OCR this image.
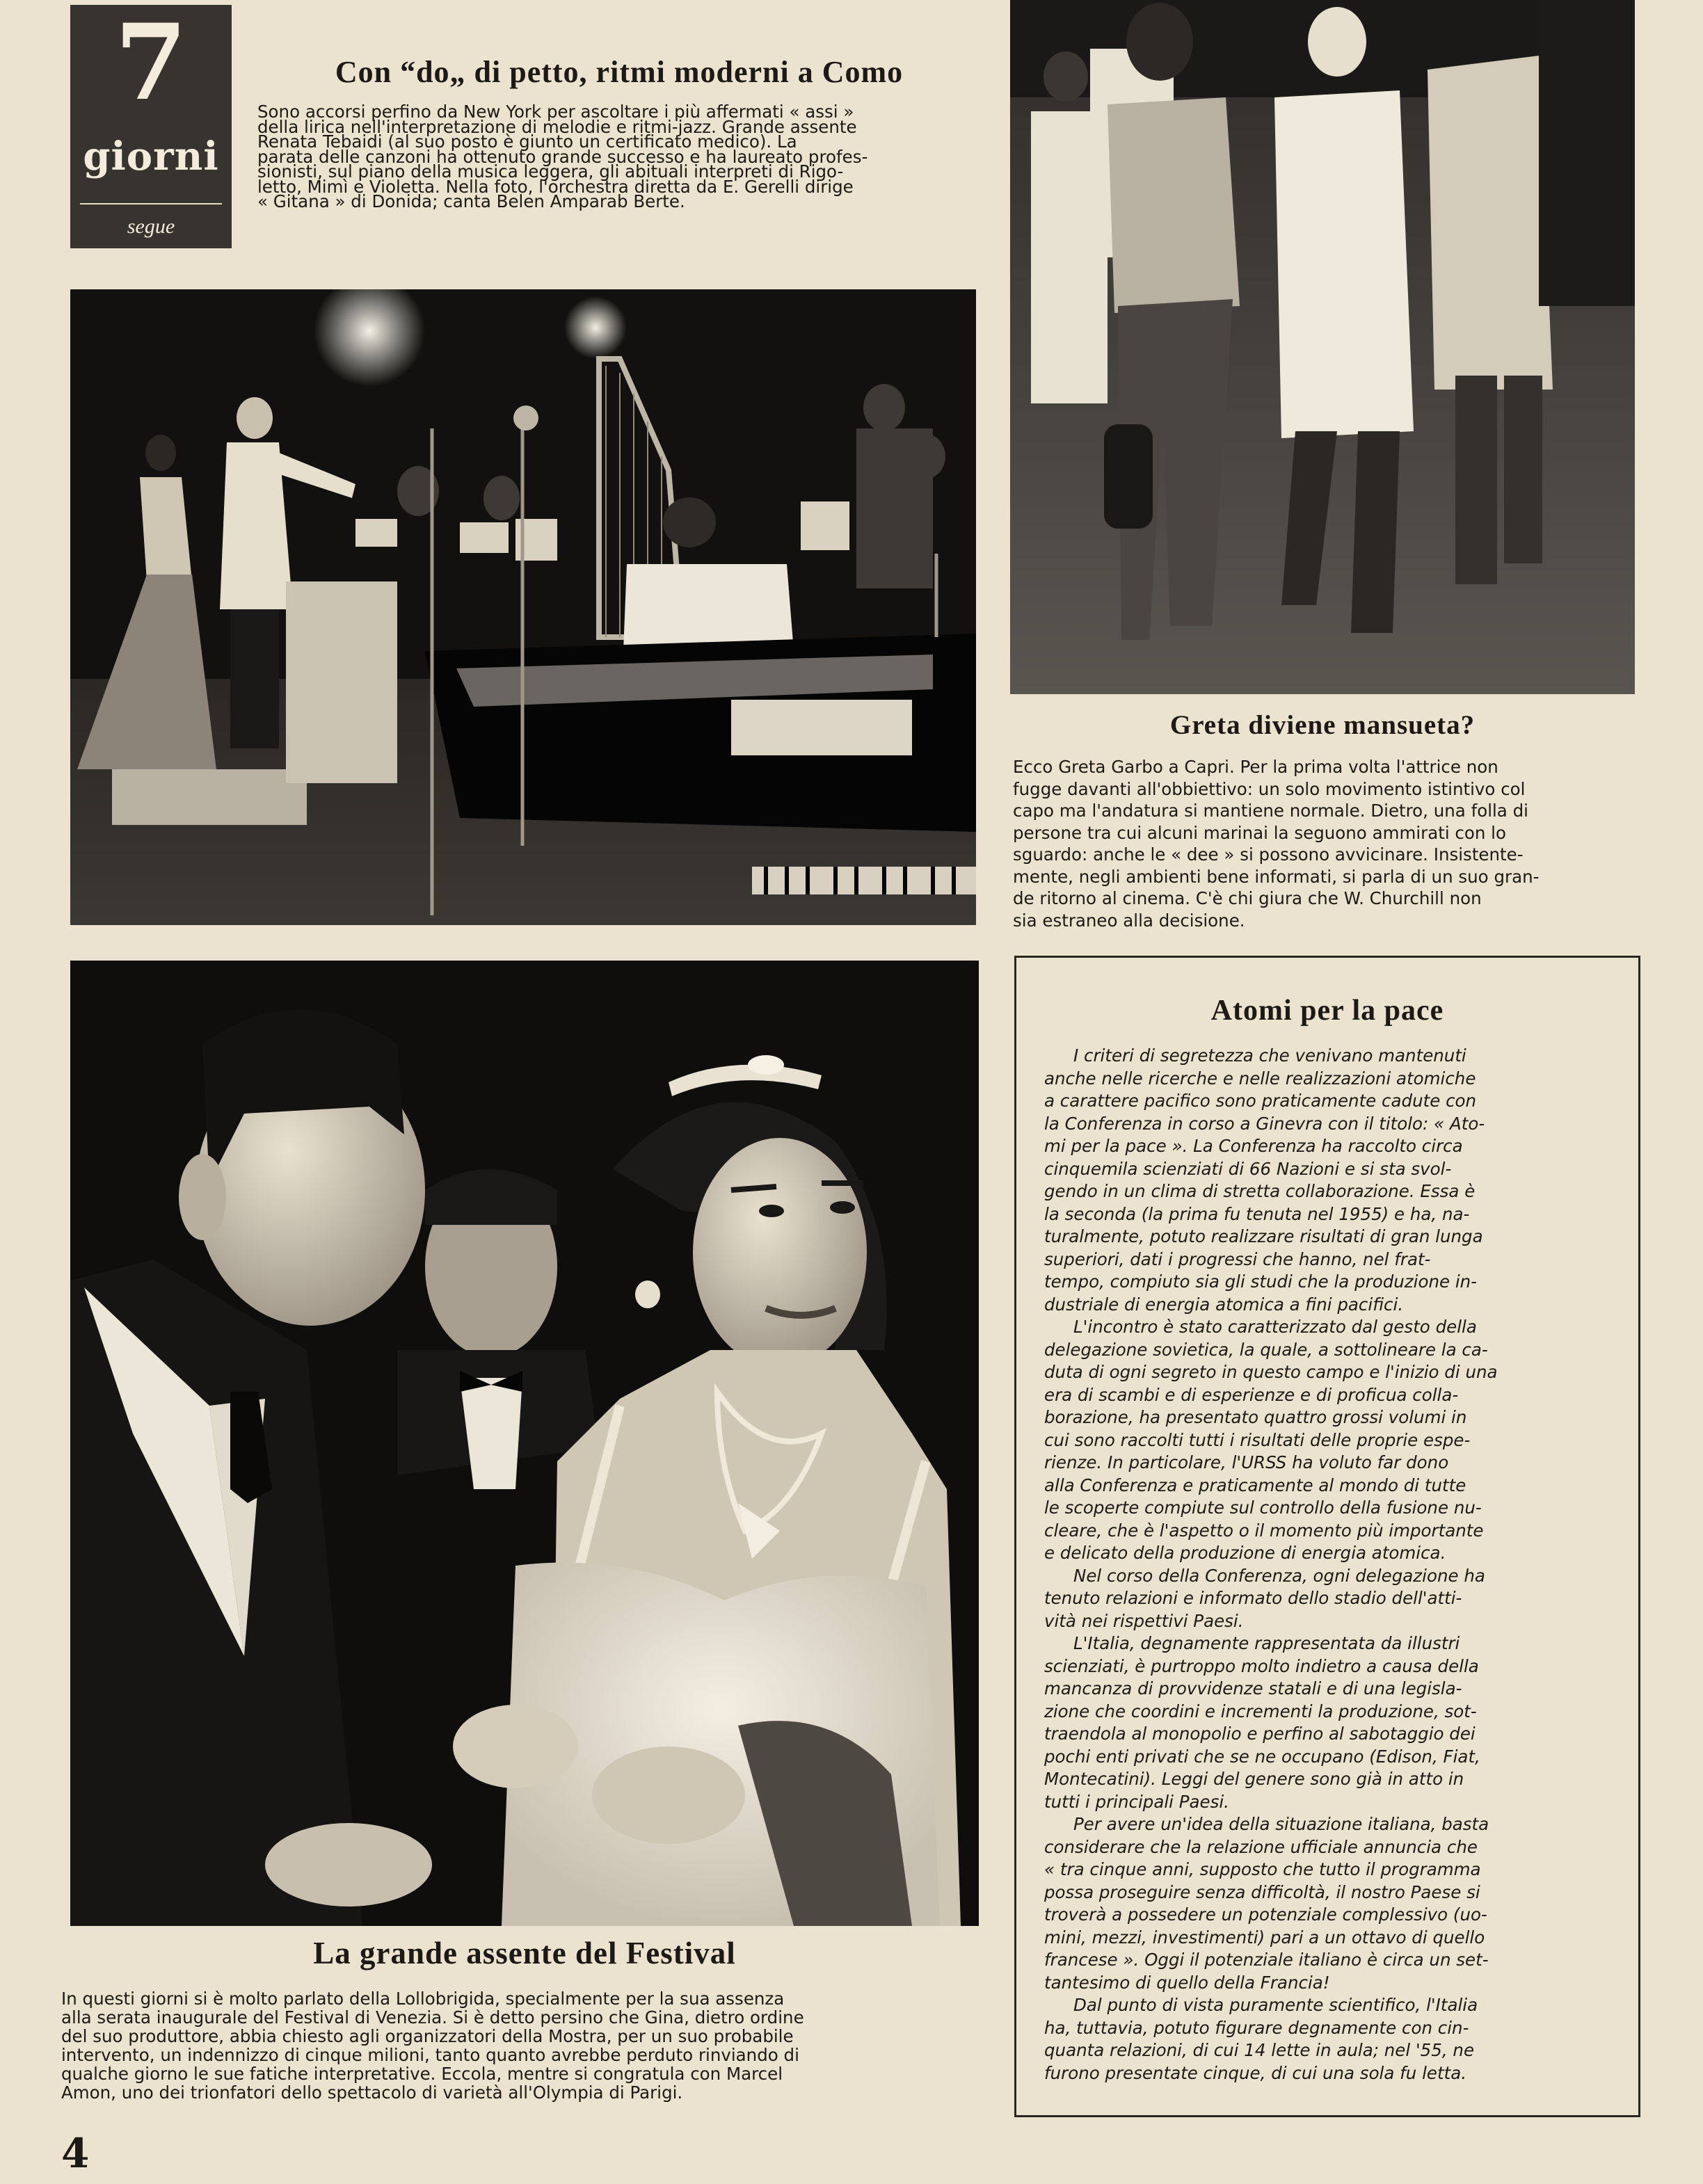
7
giorni
segue
Con “do„ di petto, ritmi moderni a Como

Sono accorsi perfino da New York per ascoltare i più affermati « assi »

della lirica nell'interpretazione di melodie e ritmi-jazz. Grande assente

Renata Tebaidi (al suo posto è giunto un certificato medico). La

parata delle canzoni ha ottenuto grande successo e ha laureato profes-

sionisti, sul piano della musica leggera, gli abituali interpreti di Rigo-

letto, Mimì e Violetta. Nella foto, l'orchestra diretta da E. Gerelli dirige

« Gitana » di Donida; canta Belen Amparab Berte.

Greta diviene mansueta?

Ecco Greta Garbo a Capri. Per la prima volta l'attrice non

fugge davanti all'obbiettivo: un solo movimento istintivo col

capo ma l'andatura si mantiene normale. Dietro, una folla di

persone tra cui alcuni marinai la seguono ammirati con lo

sguardo: anche le « dee » si possono avvicinare. Insistente-

mente, negli ambienti bene informati, si parla di un suo gran-

de ritorno al cinema. C'è chi giura che W. Churchill non

sia estraneo alla decisione.

La grande assente del Festival

In questi giorni si è molto parlato della Lollobrigida, specialmente per la sua assenza

alla serata inaugurale del Festival di Venezia. Si è detto persino che Gina, dietro ordine

del suo produttore, abbia chiesto agli organizzatori della Mostra, per un suo probabile

intervento, un indennizzo di cinque milioni, tanto quanto avrebbe perduto rinviando di

qualche giorno le sue fatiche interpretative. Eccola, mentre si congratula con Marcel

Amon, uno dei trionfatori dello spettacolo di varietà all'Olympia di Parigi.

Atomi per la pace

I criteri di segretezza che venivano mantenuti

anche nelle ricerche e nelle realizzazioni atomiche

a carattere pacifico sono praticamente cadute con

la Conferenza in corso a Ginevra con il titolo: « Ato-

mi per la pace ». La Conferenza ha raccolto circa

cinquemila scienziati di 66 Nazioni e si sta svol-

gendo in un clima di stretta collaborazione. Essa è

la seconda (la prima fu tenuta nel 1955) e ha, na-

turalmente, potuto realizzare risultati di gran lunga

superiori, dati i progressi che hanno, nel frat-

tempo, compiuto sia gli studi che la produzione in-

dustriale di energia atomica a fini pacifici.

L'incontro è stato caratterizzato dal gesto della

delegazione sovietica, la quale, a sottolineare la ca-

duta di ogni segreto in questo campo e l'inizio di una

era di scambi e di esperienze e di proficua colla-

borazione, ha presentato quattro grossi volumi in

cui sono raccolti tutti i risultati delle proprie espe-

rienze. In particolare, l'URSS ha voluto far dono

alla Conferenza e praticamente al mondo di tutte

le scoperte compiute sul controllo della fusione nu-

cleare, che è l'aspetto o il momento più importante

e delicato della produzione di energia atomica.

Nel corso della Conferenza, ogni delegazione ha

tenuto relazioni e informato dello stadio dell'atti-

vità nei rispettivi Paesi.

L'Italia, degnamente rappresentata da illustri

scienziati, è purtroppo molto indietro a causa della

mancanza di provvidenze statali e di una legisla-

zione che coordini e incrementi la produzione, sot-

traendola al monopolio e perfino al sabotaggio dei

pochi enti privati che se ne occupano (Edison, Fiat,

Montecatini). Leggi del genere sono già in atto in

tutti i principali Paesi.

Per avere un'idea della situazione italiana, basta

considerare che la relazione ufficiale annuncia che

« tra cinque anni, supposto che tutto il programma

possa proseguire senza difficoltà, il nostro Paese si

troverà a possedere un potenziale complessivo (uo-

mini, mezzi, investimenti) pari a un ottavo di quello

francese ». Oggi il potenziale italiano è circa un set-

tantesimo di quello della Francia!

Dal punto di vista puramente scientifico, l'Italia

ha, tuttavia, potuto figurare degnamente con cin-

quanta relazioni, di cui 14 lette in aula; nel '55, ne

furono presentate cinque, di cui una sola fu letta.

4
